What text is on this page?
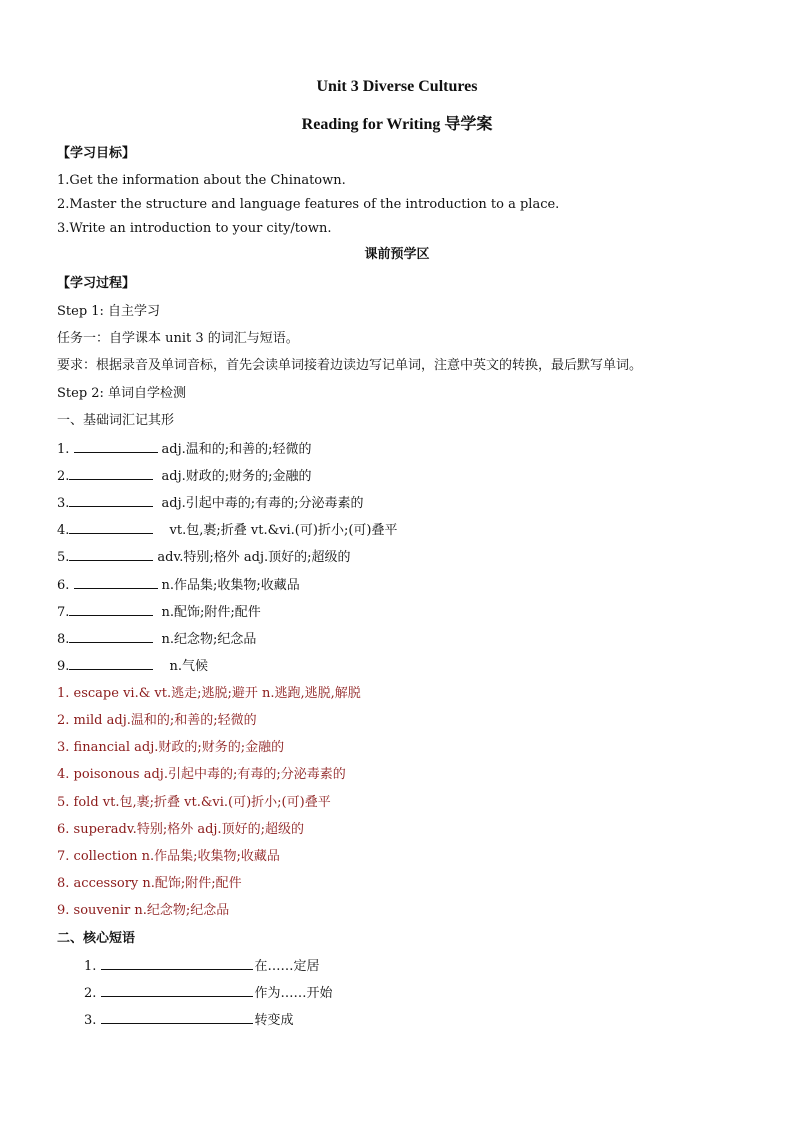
Unit 3 Diverse Cultures
Reading for Writing 导学案
【学习目标】
1.Get the information about the Chinatown.
2.Master the structure and language features of the introduction to a place.
3.Write an introduction to your city/town.
课前预学区
【学习过程】
Step 1: 自主学习
任务一：自学课本 unit 3 的词汇与短语。
要求：根据录音及单词音标，首先会读单词接着边读边写记单词，注意中英文的转换，最后默写单词。
Step 2: 单词自学检测
一、基础词汇记其形
1.	adj.温和的;和善的;轻微的
2.	adj.财政的;财务的;金融的
3.	adj.引起中毒的;有毒的;分泌毒素的
4.	vt.包,裹;折叠 vt.&vi.(可)折小;(可)叠平
5.	adv.特别;格外 adj.顶好的;超级的
6.	n.作品集;收集物;收藏品
7.	n.配饰;附件;配件
8.	n.纪念物;纪念品
9.	n.气候
1. escape vi.& vt.逃走;逃脱;避开 n.逃跑,逃脱,解脱
2. mild adj.温和的;和善的;轻微的
3. financial adj.财政的;财务的;金融的
4. poisonous adj.引起中毒的;有毒的;分泌毒素的
5. fold vt.包,裹;折叠 vt.&vi.(可)折小;(可)叠平
6. superadv.特别;格外 adj.顶好的;超级的
7. collection n.作品集;收集物;收藏品
8. accessory n.配饰;附件;配件
9. souvenir n.纪念物;纪念品
二、核心短语
1.	在……定居
2.	作为……开始
3.	转变成
